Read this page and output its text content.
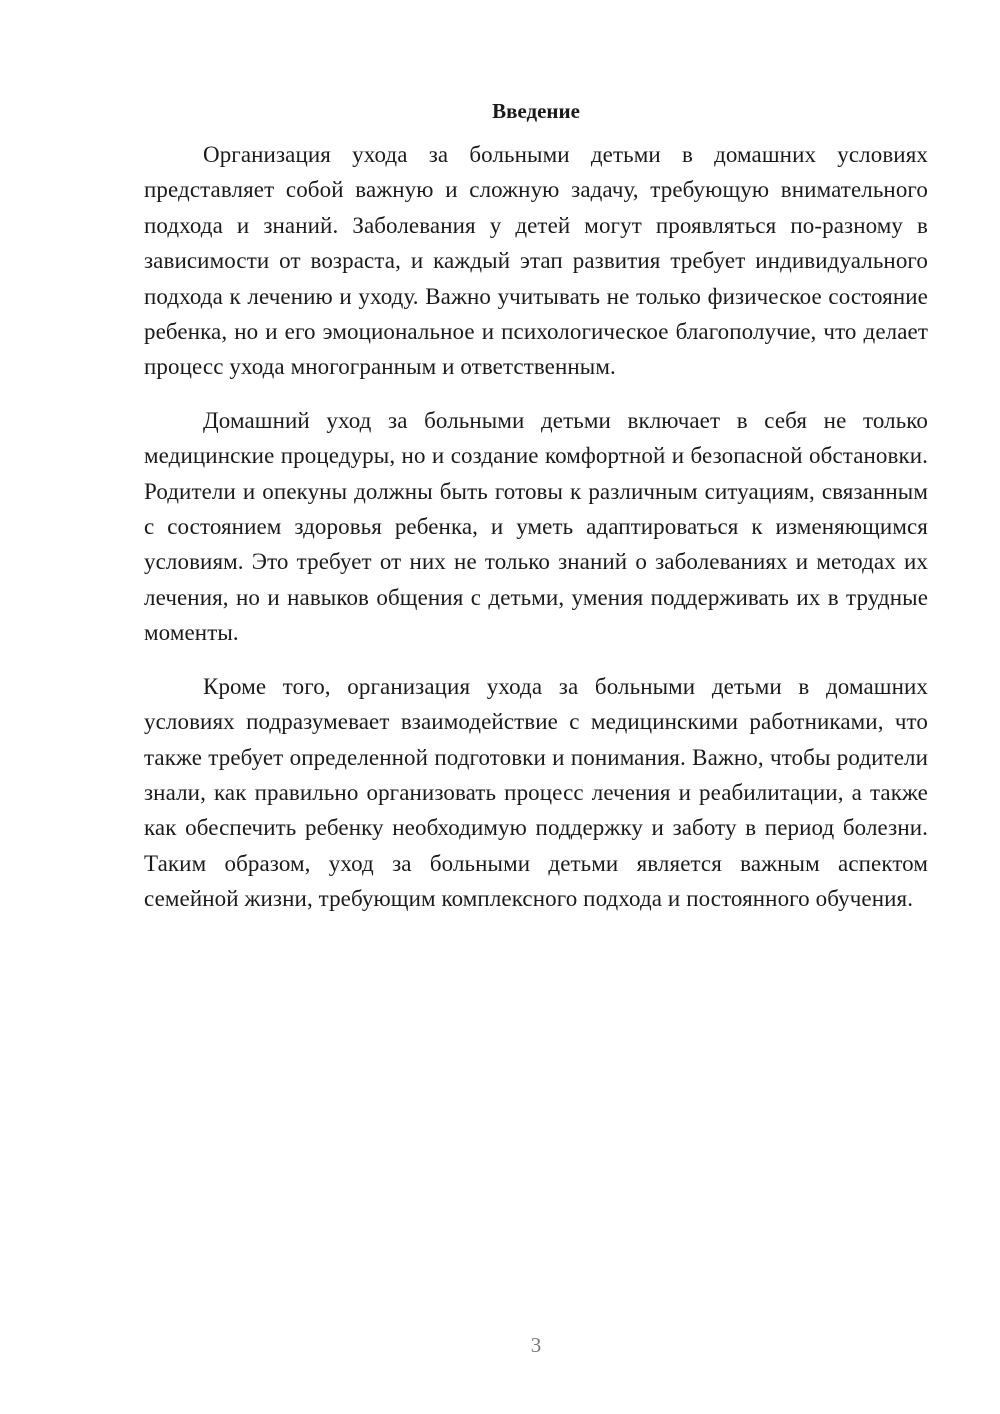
Введение

Организация ухода за больными детьми в домашних условиях представляет собой важную и сложную задачу, требующую внимательного подхода и знаний. Заболевания у детей могут проявляться по-разному в зависимости от возраста, и каждый этап развития требует индивидуального подхода к лечению и уходу. Важно учитывать не только физическое состояние ребенка, но и его эмоциональное и психологическое благополучие, что делает процесс ухода многогранным и ответственным.

Домашний уход за больными детьми включает в себя не только медицинские процедуры, но и создание комфортной и безопасной обстановки. Родители и опекуны должны быть готовы к различным ситуациям, связанным с состоянием здоровья ребенка, и уметь адаптироваться к изменяющимся условиям. Это требует от них не только знаний о заболеваниях и методах их лечения, но и навыков общения с детьми, умения поддерживать их в трудные моменты.

Кроме того, организация ухода за больными детьми в домашних условиях подразумевает взаимодействие с медицинскими работниками, что также требует определенной подготовки и понимания. Важно, чтобы родители знали, как правильно организовать процесс лечения и реабилитации, а также как обеспечить ребенку необходимую поддержку и заботу в период болезни. Таким образом, уход за больными детьми является важным аспектом семейной жизни, требующим комплексного подхода и постоянного обучения.

3
